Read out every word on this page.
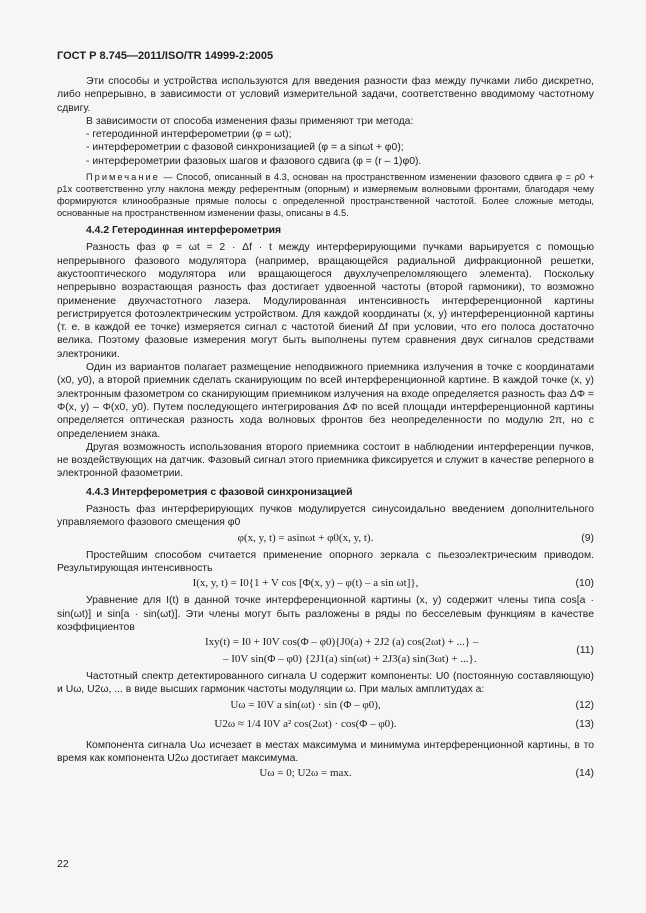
ГОСТ Р 8.745—2011/ISO/TR 14999-2:2005

Эти способы и устройства используются для введения разности фаз между пучками либо дискретно, либо непрерывно, в зависимости от условий измерительной задачи, соответственно вводимому частотному сдвигу.

В зависимости от способа изменения фазы применяют три метода:

- гетеродинной интерферометрии (φ = ωt);
- интерферометрии с фазовой синхронизацией (φ = a sinωt + φ0);
- интерферометрии фазовых шагов и фазового сдвига (φ = (r – 1)φ0).

Примечание — Способ, описанный в 4.3, основан на пространственном изменении фазового сдвига φ = ρ0 + ρ1x соответственно углу наклона между референтным (опорным) и измеряемым волновыми фронтами, благодаря чему формируются клинообразные прямые полосы с определенной пространственной частотой. Более сложные методы, основанные на пространственном изменении фазы, описаны в 4.5.

4.4.2 Гетеродинная интерферометрия

Разность фаз φ = ωt = 2 · Δf · t между интерферирующими пучками варьируется с помощью непрерывного фазового модулятора (например, вращающейся радиальной дифракционной решетки, акустооптического модулятора или вращающегося двухлучепреломляющего элемента). Поскольку непрерывно возрастающая разность фаз достигает удвоенной частоты (второй гармоники), то возможно применение двухчастотного лазера. Модулированная интенсивность интерференционной картины регистрируется фотоэлектрическим устройством. Для каждой координаты (x, y) интерференционной картины (т. е. в каждой ее точке) измеряется сигнал с частотой биений Δf при условии, что его полоса достаточно велика. Поэтому фазовые измерения могут быть выполнены путем сравнения двух сигналов средствами электроники.

Один из вариантов полагает размещение неподвижного приемника излучения в точке с координатами (x0, y0), а второй приемник сделать сканирующим по всей интерференционной картине. В каждой точке (x, y) электронным фазометром со сканирующим приемником излучения на входе определяется разность фаз ΔΦ = Φ(x, y) – Φ(x0, y0). Путем последующего интегрирования ΔΦ по всей площади интерференционной картины определяется оптическая разность хода волновых фронтов без неопределенности по модулю 2π, но с определением знака.

Другая возможность использования второго приемника состоит в наблюдении интерференции пучков, не воздействующих на датчик. Фазовый сигнал этого приемника фиксируется и служит в качестве реперного в электронной фазометрии.

4.4.3 Интерферометрия с фазовой синхронизацией

Разность фаз интерферирующих пучков модулируется синусоидально введением дополнительного управляемого фазового смещения φ0

φ(x, y, t) = asinωt + φ0(x, y, t).	(9)

Простейшим способом считается применение опорного зеркала с пьезоэлектрическим приводом. Результирующая интенсивность

I(x, y, t) = I0{1 + V cos [Φ(x, y) – φ(t) – a sin ωt]},	(10)

Уравнение для I(t) в данной точке интерференционной картины (x, y) содержит члены типа cos[a · sin(ωt)] и sin[a · sin(ωt)]. Эти члены могут быть разложены в ряды по бесселевым функциям в качестве коэффициентов

Ixy(t) = I0 + I0V cos(Φ – φ0){J0(a) + 2J2 (a) cos(2ωt) + ...} –
– I0V sin(Φ – φ0) {2J1(a) sin(ωt) + 2J3(a) sin(3ωt) + ...}.
(11)

Частотный спектр детектированного сигнала U содержит компоненты: U0 (постоянную составляющую) и Uω, U2ω, ... в виде высших гармоник частоты модуляции ω. При малых амплитудах a:

Uω = I0V a sin(ωt) · sin (Φ – φ0),	(12)
U2ω ≈ 1/4 I0V a² cos(2ωt) · cos(Φ – φ0).	(13)

Компонента сигнала Uω исчезает в местах максимума и минимума интерференционной картины, в то время как компонента U2ω достигает максимума.

Uω = 0; U2ω = max.	(14)
22
